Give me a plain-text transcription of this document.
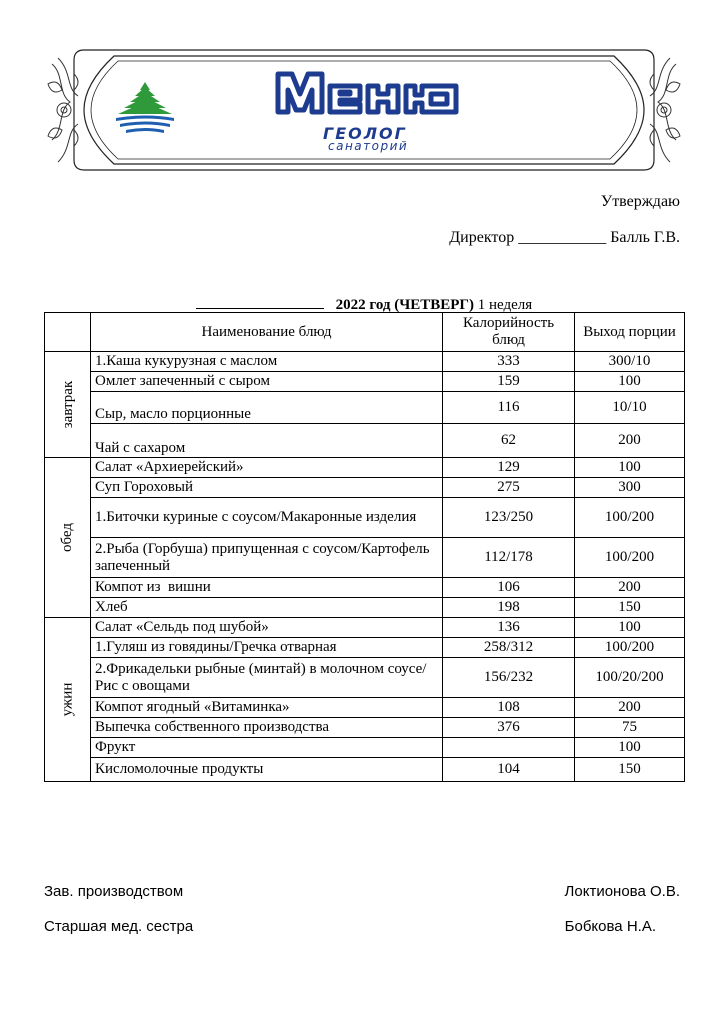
ГЕОЛОГ
санаторий
Утверждаю
Директор ___________ Балль Г.В.
2022 год (ЧЕТВЕРГ) 1 неделя
	Наименование блюд	Калорийность блюд	Выход порции
завтрак	1.Каша кукурузная с маслом	333	300/10
	Омлет запеченный с сыром	159	100
	Сыр, масло порционные	116	10/10
	Чай с сахаром	62	200
обед	Салат «Архиерейский»	129	100
	Суп Гороховый	275	300
	1.Биточки куриные с соусом/Макаронные изделия	123/250	100/200
	2.Рыба (Горбуша) припущенная с соусом/Картофель запеченный	112/178	100/200
	Компот из  вишни	106	200
	Хлеб	198	150
ужин	Салат «Сельдь под шубой»	136	100
	1.Гуляш из говядины/Гречка отварная	258/312	100/200
	2.Фрикадельки рыбные (минтай) в молочном соусе/Рис с овощами	156/232	100/20/200
	Компот ягодный «Витаминка»	108	200
	Выпечка собственного производства	376	75
	Фрукт		100
	Кисломолочные продукты	104	150
Зав. производством	Локтионова О.В.
Старшая мед. сестра	Бобкова Н.А.
